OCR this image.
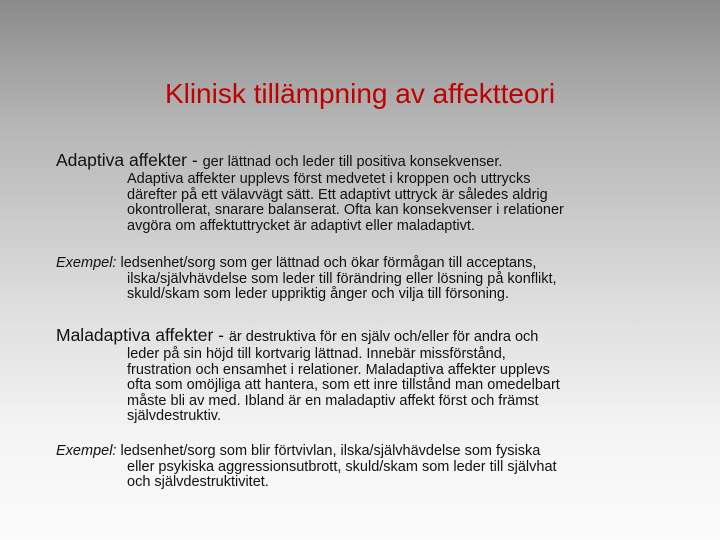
Klinisk tillämpning av affektteori

Adaptiva affekter - ger lättnad och leder till positiva konsekvenser.

Adaptiva affekter upplevs först medvetet i kroppen och uttrycks
därefter på ett välavvägt sätt. Ett adaptivt uttryck är således aldrig
okontrollerat, snarare balanserat. Ofta kan konsekvenser i relationer
avgöra om affektuttrycket är adaptivt eller maladaptivt.

Exempel: ledsenhet/sorg som ger lättnad och ökar förmågan till acceptans,

ilska/självhävdelse som leder till förändring eller lösning på konflikt,
skuld/skam som leder uppriktig ånger och vilja till försoning.

Maladaptiva affekter - är destruktiva för en själv och/eller för andra och

leder på sin höjd till kortvarig lättnad. Innebär missförstånd,
frustration och ensamhet i relationer. Maladaptiva affekter upplevs
ofta som omöjliga att hantera, som ett inre tillstånd man omedelbart
måste bli av med. Ibland är en maladaptiv affekt först och främst
självdestruktiv.

Exempel: ledsenhet/sorg som blir förtvivlan, ilska/självhävdelse som fysiska

eller psykiska aggressionsutbrott, skuld/skam som leder till självhat
och självdestruktivitet.
